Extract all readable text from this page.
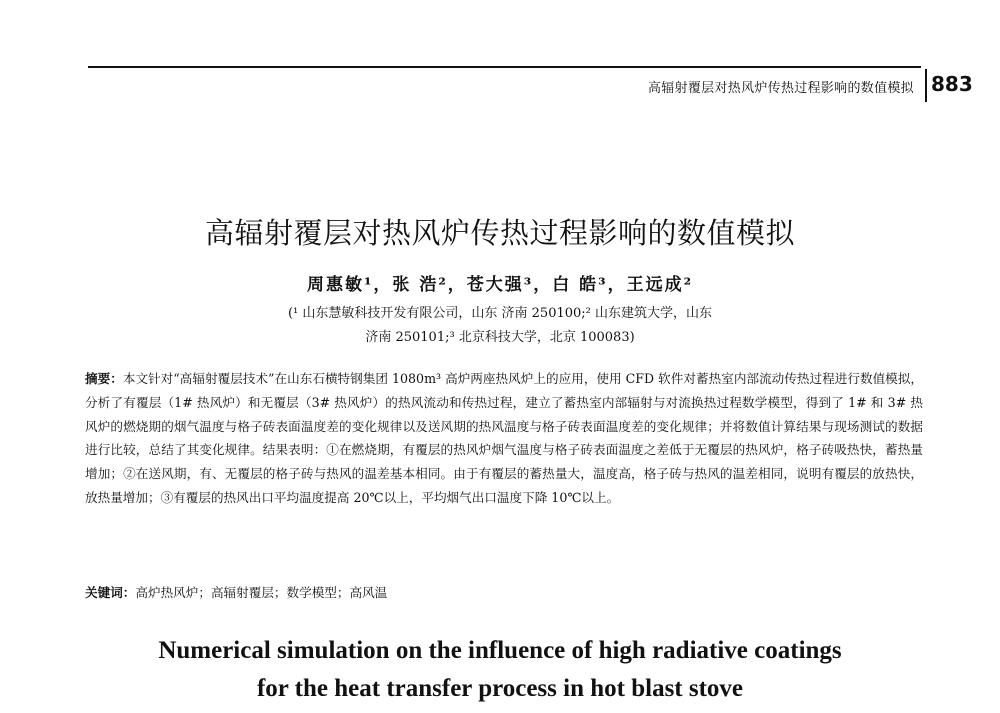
高辐射覆层对热风炉传热过程影响的数值模拟 883
高辐射覆层对热风炉传热过程影响的数值模拟
周惠敏¹，张 浩²，苍大强³，白 皓³，王远成²
(¹ 山东慧敏科技开发有限公司，山东 济南 250100;² 山东建筑大学，山东
济南 250101;³ 北京科技大学，北京 100083)
摘要：本文针对“高辐射覆层技术”在山东石横特钢集团 1080m³ 高炉两座热风炉上的应用，使用 CFD 软件对蓄热室内部流动传热过程进行数值模拟，分析了有覆层（1# 热风炉）和无覆层（3# 热风炉）的热风流动和传热过程，建立了蓄热室内部辐射与对流换热过程数学模型，得到了 1# 和 3# 热风炉的燃烧期的烟气温度与格子砖表面温度差的变化规律以及送风期的热风温度与格子砖表面温度差的变化规律；并将数值计算结果与现场测试的数据进行比较，总结了其变化规律。结果表明：①在燃烧期，有覆层的热风炉烟气温度与格子砖表面温度之差低于无覆层的热风炉，格子砖吸热快，蓄热量增加；②在送风期，有、无覆层的格子砖与热风的温差基本相同。由于有覆层的蓄热量大，温度高，格子砖与热风的温差相同，说明有覆层的放热快，放热量增加；③有覆层的热风出口平均温度提高 20℃以上，平均烟气出口温度下降 10℃以上。
关键词：高炉热风炉；高辐射覆层；数学模型；高风温
Numerical simulation on the influence of high radiative coatings
for the heat transfer process in hot blast stove
